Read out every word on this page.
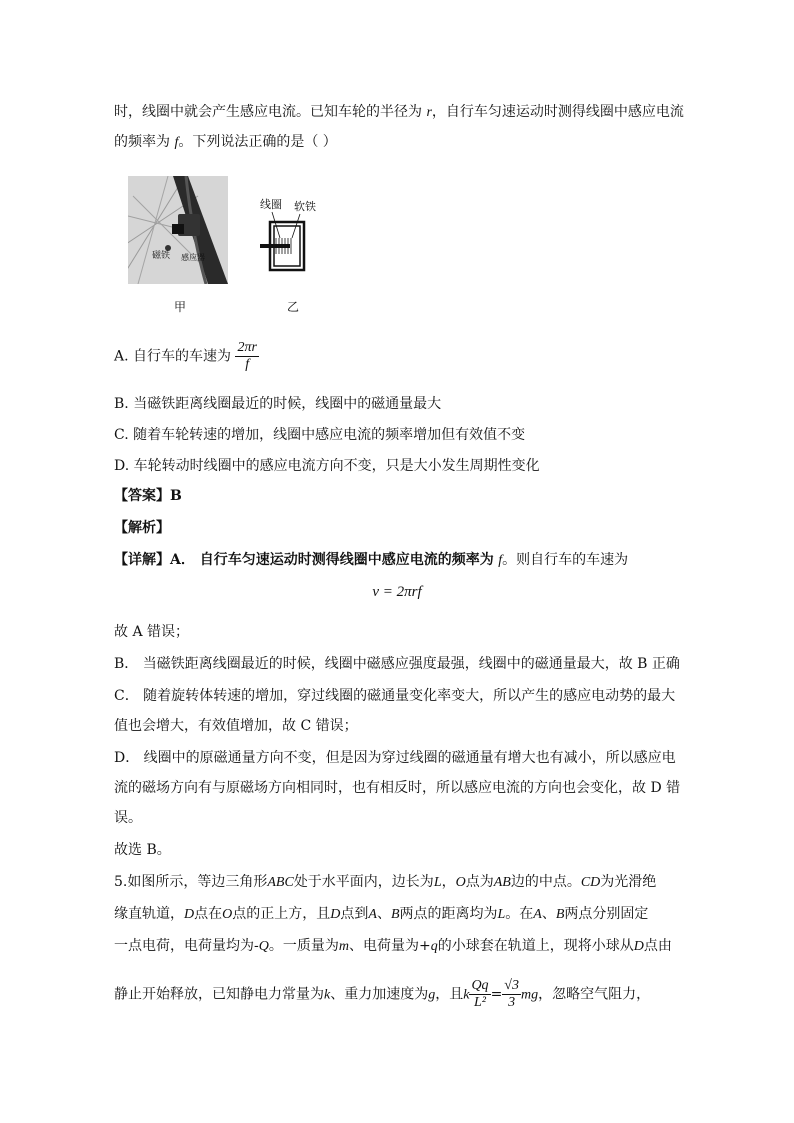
时，线圈中就会产生感应电流。已知车轮的半径为 r，自行车匀速运动时测得线圈中感应电流
的频率为 f。下列说法正确的是（ ）
磁铁 感应器
线圈 软铁
甲	乙
A. 自行车的车速为 $\frac{2\pi r}{f}$
B. 当磁铁距离线圈最近的时候，线圈中的磁通量最大
C. 随着车轮转速的增加，线圈中感应电流的频率增加但有效值不变
D. 车轮转动时线圈中的感应电流方向不变，只是大小发生周期性变化
【答案】B
【解析】
【详解】A． 自行车匀速运动时测得线圈中感应电流的频率为 f。则自行车的车速为
v = 2πrf
故 A 错误；
B． 当磁铁距离线圈最近的时候，线圈中磁感应强度最强，线圈中的磁通量最大，故 B 正确
C． 随着旋转体转速的增加，穿过线圈的磁通量变化率变大，所以产生的感应电动势的最大
值也会增大，有效值增加，故 C 错误；
D． 线圈中的原磁通量方向不变，但是因为穿过线圈的磁通量有增大也有减小，所以感应电
流的磁场方向有与原磁场方向相同时，也有相反时，所以感应电流的方向也会变化，故 D 错
误。
故选 B。
5.如图所示，等边三角形ABC处于水平面内，边长为L，O点为AB边的中点。CD为光滑绝
缘直轨道，D点在O点的正上方，且D点到A、B两点的距离均为L。在A、B两点分别固定
一点电荷，电荷量均为-Q。一质量为m、电荷量为+q的小球套在轨道上，现将小球从D点由
静止开始释放，已知静电力常量为k、重力加速度为g，且k $\frac{Qq}{\text{L²}} = \frac{√3}{3}$ mg，忽略空气阻力，
